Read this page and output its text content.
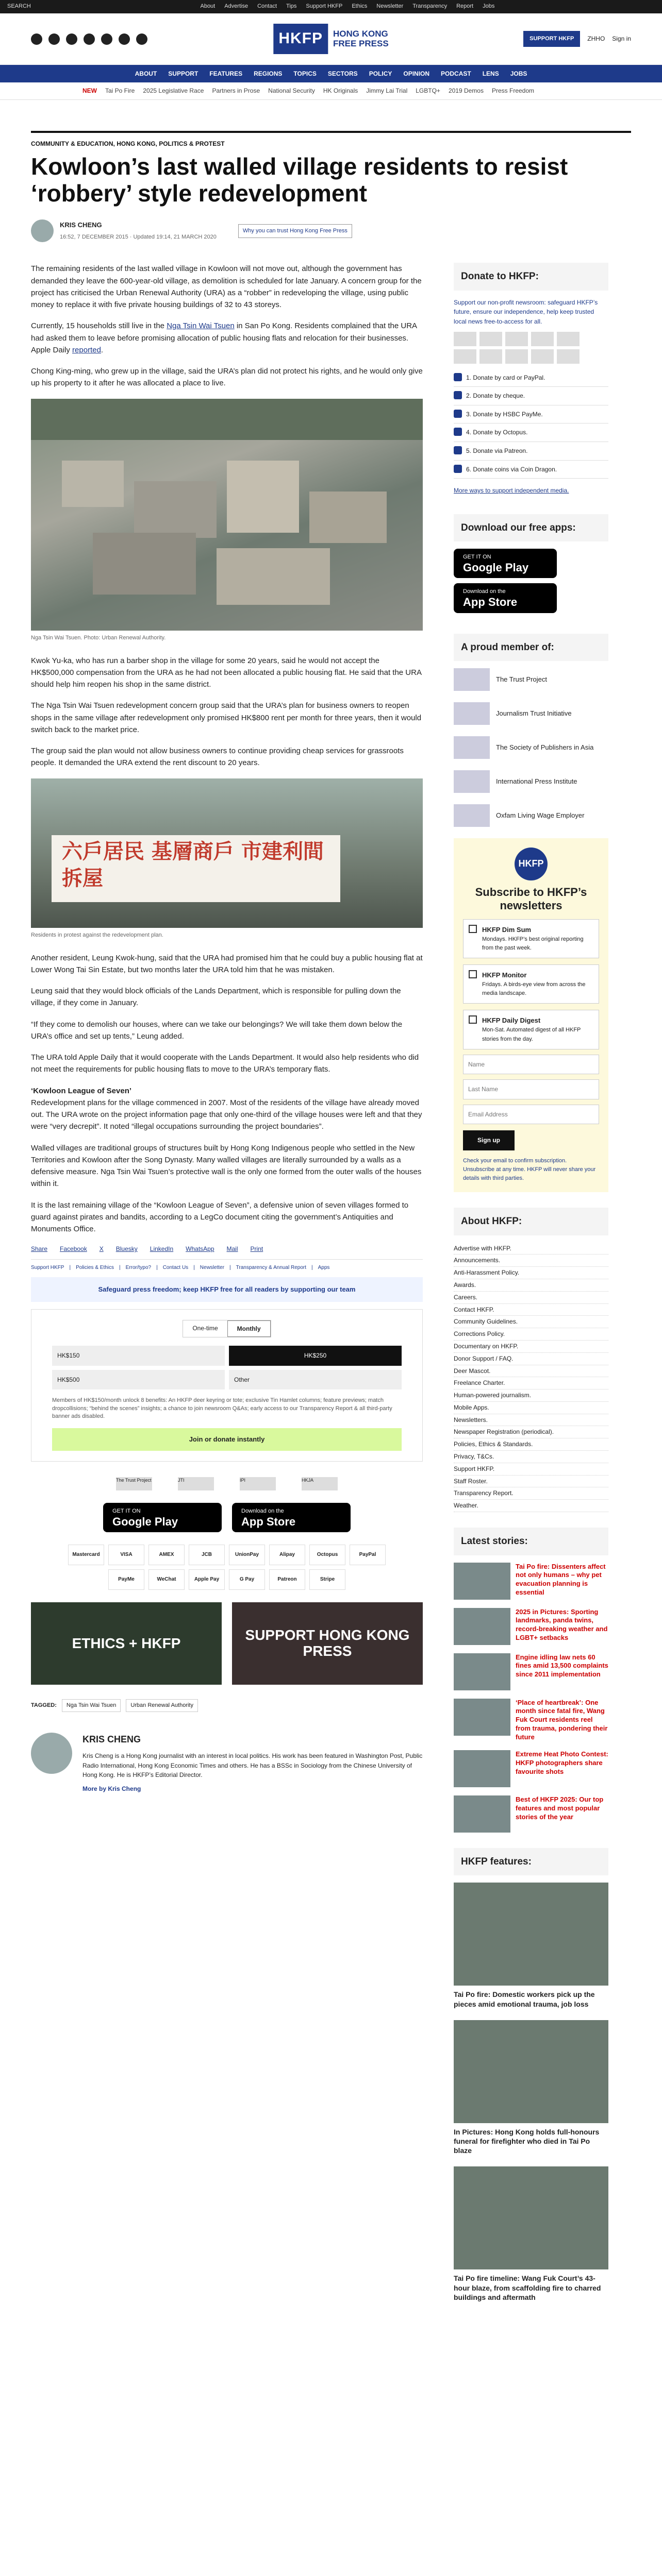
SEARCH	About Advertise Contact Tips Support HKFP Ethics Newsletter Transparency Report Jobs
HKFP	HONG KONG
FREE PRESS	SUPPORT HKFP	ZHHO Sign in
ABOUT SUPPORT FEATURES REGIONS TOPICS SECTORS POLICY OPINION PODCAST LENS JOBS
NEW Tai Po Fire 2025 Legislative Race Partners in Prose National Security HK Originals Jimmy Lai Trial LGBTQ+ 2019 Demos Press Freedom
COMMUNITY & EDUCATION, HONG KONG, POLITICS & PROTEST
Kowloon’s last walled village residents to resist ‘robbery’ style redevelopment
KRIS CHENG
16:52, 7 DECEMBER 2015 · Updated 19:14, 21 MARCH 2020
Why you can trust Hong Kong Free Press

The remaining residents of the last walled village in Kowloon will not move out, although the government has demanded they leave the 600-year-old village, as demolition is scheduled for late January. A concern group for the project has criticised the Urban Renewal Authority (URA) as a “robber” in redeveloping the village, using public money to replace it with five private housing buildings of 32 to 43 storeys.

Currently, 15 households still live in the Nga Tsin Wai Tsuen in San Po Kong. Residents complained that the URA had asked them to leave before promising allocation of public housing flats and relocation for their businesses. Apple Daily reported.

Chong King-ming, who grew up in the village, said the URA’s plan did not protect his rights, and he would only give up his property to it after he was allocated a place to live.

Nga Tsin Wai Tsuen. Photo: Urban Renewal Authority.

Kwok Yu-ka, who has run a barber shop in the village for some 20 years, said he would not accept the HK$500,000 compensation from the URA as he had not been allocated a public housing flat. He said that the URA should help him reopen his shop in the same district.

The Nga Tsin Wai Tsuen redevelopment concern group said that the URA’s plan for business owners to reopen shops in the same village after redevelopment only promised HK$800 rent per month for three years, then it would switch back to the market price.

The group said the plan would not allow business owners to continue providing cheap services for grassroots people. It demanded the URA extend the rent discount to 20 years.

六戶居民 基層商戶 市建利間 拆屋
Residents in protest against the redevelopment plan.

Another resident, Leung Kwok-hung, said that the URA had promised him that he could buy a public housing flat at Lower Wong Tai Sin Estate, but two months later the URA told him that he was mistaken.

Leung said that they would block officials of the Lands Department, which is responsible for pulling down the village, if they come in January.

“If they come to demolish our houses, where can we take our belongings? We will take them down below the URA’s office and set up tents,” Leung added.

The URA told Apple Daily that it would cooperate with the Lands Department. It would also help residents who did not meet the requirements for public housing flats to move to the URA’s temporary flats.

‘Kowloon League of Seven’

Redevelopment plans for the village commenced in 2007. Most of the residents of the village have already moved out. The URA wrote on the project information page that only one-third of the village houses were left and that they were “very decrepit”. It noted “illegal occupations surrounding the project boundaries”.

Walled villages are traditional groups of structures built by Hong Kong Indigenous people who settled in the New Territories and Kowloon after the Song Dynasty. Many walled villages are literally surrounded by a walls as a defensive measure. Nga Tsin Wai Tsuen’s protective wall is the only one formed from the outer walls of the houses within it.

It is the last remaining village of the “Kowloon League of Seven”, a defensive union of seven villages formed to guard against pirates and bandits, according to a LegCo document citing the government’s Antiquities and Monuments Office.

Share Facebook X Bluesky LinkedIn WhatsApp Mail Print
Support HKFP | Policies & Ethics | Error/typo? | Contact Us | Newsletter | Transparency & Annual Report | Apps
Safeguard press freedom; keep HKFP free for all readers by supporting our team
One-time	Monthly
HK$150	HK$250
HK$500	Other
Members of HK$150/month unlock 8 benefits: An HKFP deer keyring or tote; exclusive Tin Hamlet columns; feature previews; match dropcollisions; “behind the scenes” insights; a chance to join newsroom Q&As; early access to our Transparency Report & all third-party banner ads disabled.
Join or donate instantly
The Trust Project	JTI	IPI	HKJA
GET IT ON
Google Play
Download on the
App Store
Mastercard	VISA	AMEX	JCB	UnionPay	Alipay	Octopus	PayPal
PayMe	WeChat	Apple Pay	G Pay	Patreon	Stripe
ETHICS + HKFP	SUPPORT HONG KONG PRESS
TAGGED:	Nga Tsin Wai Tsuen	Urban Renewal Authority
KRIS CHENG

Kris Cheng is a Hong Kong journalist with an interest in local politics. His work has been featured in Washington Post, Public Radio International, Hong Kong Economic Times and others. He has a BSSc in Sociology from the Chinese University of Hong Kong. He is HKFP’s Editorial Director.

More by Kris Cheng
Donate to HKFP:
Support our non-profit newsroom: safeguard HKFP’s future, ensure our independence, help keep trusted local news free-to-access for all.
1. Donate by card or PayPal.
2. Donate by cheque.
3. Donate by HSBC PayMe.
4. Donate by Octopus.
5. Donate via Patreon.
6. Donate coins via Coin Dragon.
More ways to support independent media.
Download our free apps:
GET IT ON
Google Play
Download on the
App Store
A proud member of:
The Trust Project
Journalism Trust Initiative
The Society of Publishers in Asia
International Press Institute
Oxfam Living Wage Employer
HKFP
Subscribe to HKFP’s newsletters
HKFP Dim Sum
Mondays. HKFP’s best original reporting from the past week.
HKFP Monitor
Fridays. A birds-eye view from across the media landscape.
HKFP Daily Digest
Mon-Sat. Automated digest of all HKFP stories from the day.
Name
Last Name
Email Address
Sign up
Check your email to confirm subscription. Unsubscribe at any time. HKFP will never share your details with third parties.
About HKFP:
Advertise with HKFP.
Announcements.
Anti-Harassment Policy.
Awards.
Careers.
Contact HKFP.
Community Guidelines.
Corrections Policy.
Documentary on HKFP.
Donor Support / FAQ.
Deer Mascot.
Freelance Charter.
Human-powered journalism.
Mobile Apps.
Newsletters.
Newspaper Registration (periodical).
Policies, Ethics & Standards.
Privacy, T&Cs.
Support HKFP.
Staff Roster.
Transparency Report.
Weather.
Latest stories:
Tai Po fire: Dissenters affect not only humans – why pet evacuation planning is essential
2025 in Pictures: Sporting landmarks, panda twins, record-breaking weather and LGBT+ setbacks
Engine idling law nets 60 fines amid 13,500 complaints since 2011 implementation
‘Place of heartbreak’: One month since fatal fire, Wang Fuk Court residents reel from trauma, pondering their future
Extreme Heat Photo Contest: HKFP photographers share favourite shots
Best of HKFP 2025: Our top features and most popular stories of the year
HKFP features:
Tai Po fire: Domestic workers pick up the pieces amid emotional trauma, job loss
In Pictures: Hong Kong holds full-honours funeral for firefighter who died in Tai Po blaze
Tai Po fire timeline: Wang Fuk Court’s 43-hour blaze, from scaffolding fire to charred buildings and aftermath
